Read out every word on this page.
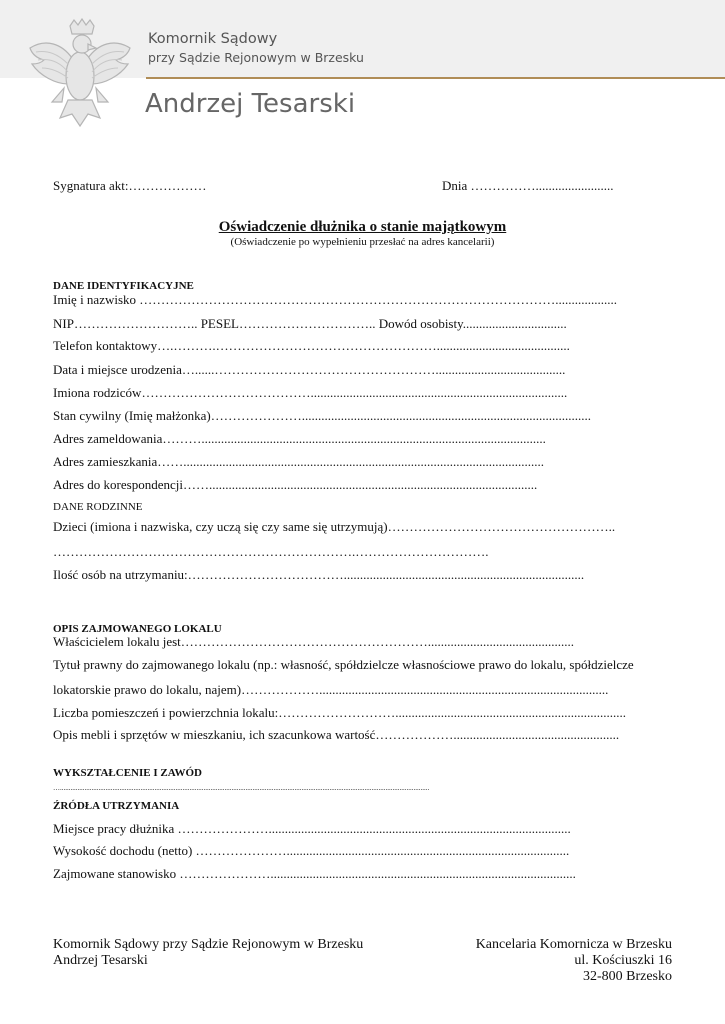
Komornik Sądowy
przy Sądzie Rejonowym w Brzesku
Andrzej Tesarski
Sygnatura akt:………………	Dnia ……………........................
Oświadczenie dłużnika o stanie majątkowym
(Oświadczenie po wypełnieniu przesłać na adres kancelarii)
DANE IDENTYFIKACYJNE
Imię i nazwisko ……………………………………………………………………………………...................
NIP……………………….. PESEL………………………….. Dowód osobisty................................
Telefon kontaktowy….……….…………………………………………….........................................
Data i miejsce urodzenia…......……………………………………………........................................
Imiona rodziców…………………………………...............................................................................
Stan cywilny (Imię małżonka)………………….........................................................................................
Adres zameldowania………..........................................................................................................
Adres zamieszkania……...............................................................................................................
Adres do korespondencji…….....................................................................................................
DANE RODZINNE
Dzieci (imiona i nazwiska, czy uczą się czy same się utrzymują)……………………………………………..
…………………………………………………………….………………………….
Ilość osób na utrzymaniu:………………………………..........................................................................
OPIS ZAJMOWANEGO LOKALU
Właścicielem lokalu jest………………………………………………….............................................
Tytuł prawny do zajmowanego lokalu (np.: własność, spółdzielcze własnościowe prawo do lokalu, spółdzielcze
lokatorskie prawo do lokalu, najem)……………….........................................................................................
Liczba pomieszczeń i powierzchnia lokalu:……………………….......................................................................
Opis mebli i sprzętów w mieszkaniu, ich szacunkowa wartość………………...................................................
WYKSZTAŁCENIE I ZAWÓD
…...................................................................................................................................................................................................................
ŹRÓDŁA UTRZYMANIA
Miejsce pracy dłużnika ………………….............................................................................................
Wysokość dochodu (netto) ………………….......................................................................................
Zajmowane stanowisko …………………..............................................................................................
Komornik Sądowy przy Sądzie Rejonowym w Brzesku
Andrzej Tesarski
Kancelaria Komornicza w Brzesku
ul. Kościuszki 16
32-800 Brzesko
